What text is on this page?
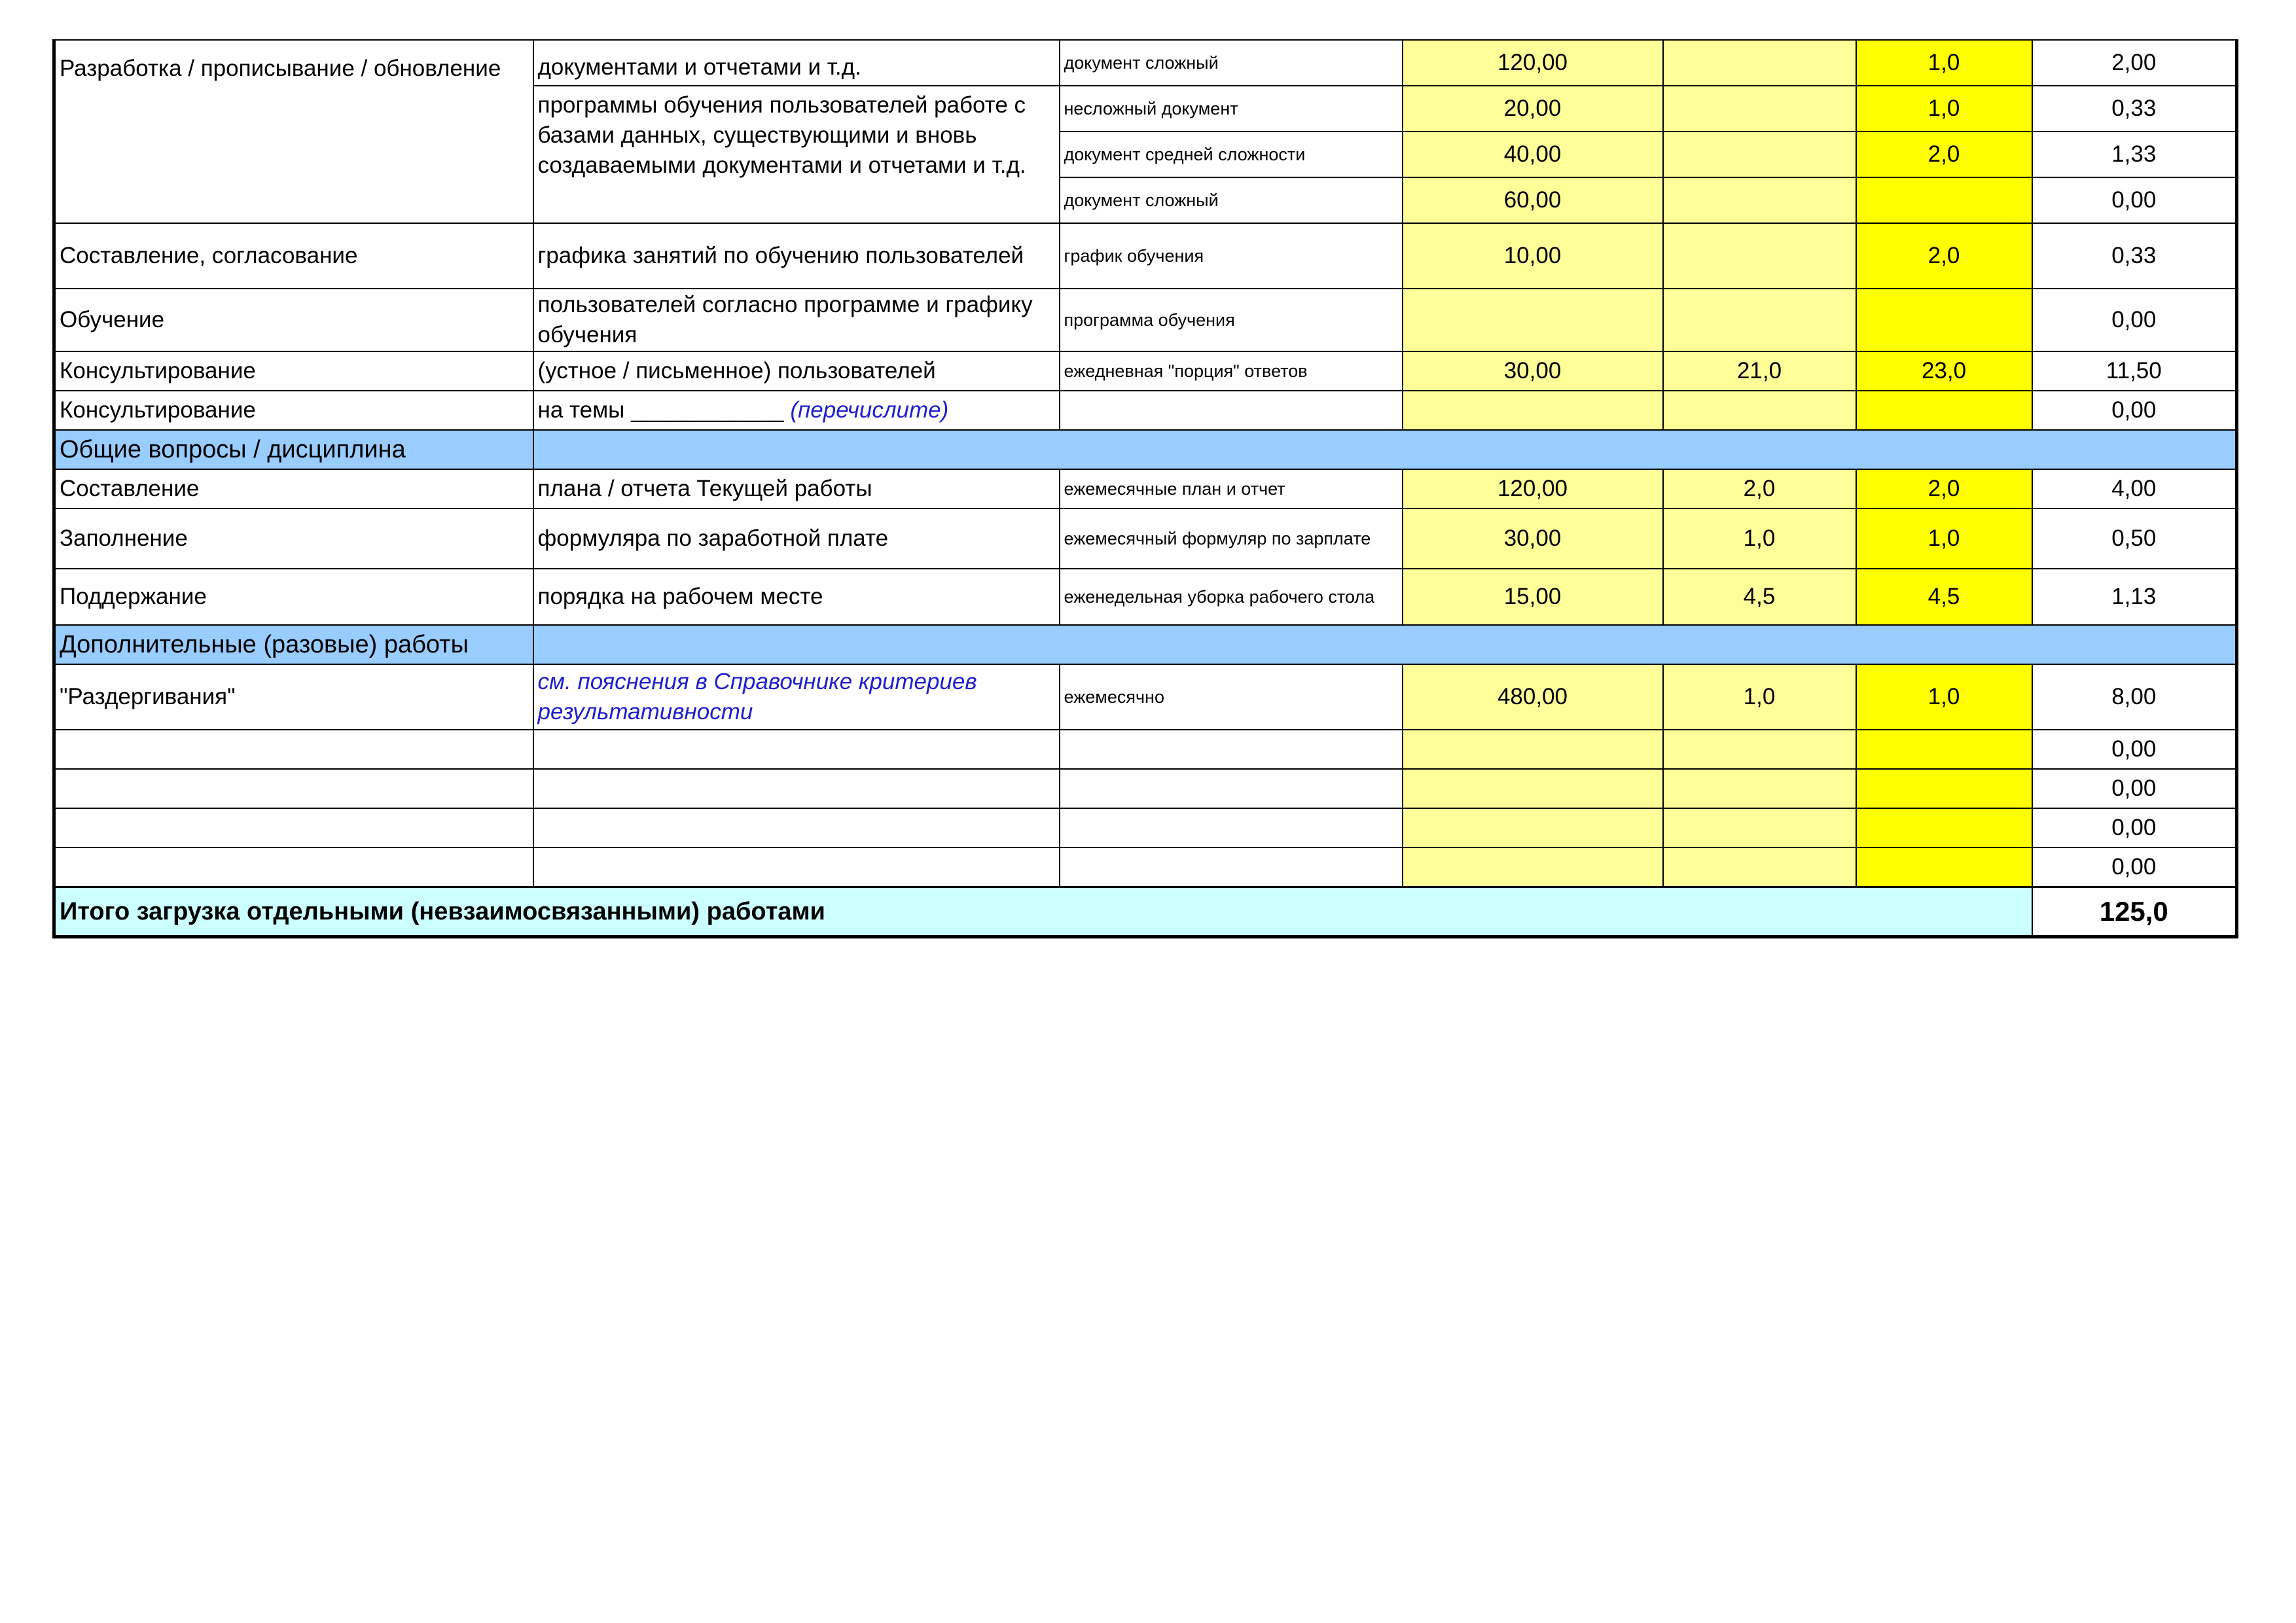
Разработка / прописывание / обновление	документами и отчетами и т.д.	документ сложный	120,00		1,0	2,00
	программы обучения пользователей работе с базами данных, существующими и вновь создаваемыми документами и отчетами и т.д.	несложный документ	20,00		1,0	0,33
		документ средней сложности	40,00		2,0	1,33
		документ сложный	60,00			0,00
Составление, согласование	графика занятий по обучению пользователей	график обучения	10,00		2,0	0,33
Обучение	пользователей согласно программе и графику обучения	программа обучения				0,00
Консультирование	(устное / письменное) пользователей	ежедневная "порция" ответов	30,00	21,0	23,0	11,50
Консультирование	на темы ____________ (перечислите)					0,00
Общие вопросы / дисциплина						
Составление	плана / отчета Текущей работы	ежемесячные план и отчет	120,00	2,0	2,0	4,00
Заполнение	формуляра по заработной плате	ежемесячный формуляр по зарплате	30,00	1,0	1,0	0,50
Поддержание	порядка на рабочем месте	еженедельная уборка рабочего стола	15,00	4,5	4,5	1,13
Дополнительные (разовые) работы						
"Раздергивания"	см. пояснения в Справочнике критериев результативности	ежемесячно	480,00	1,0	1,0	8,00
						0,00
						0,00
						0,00
						0,00
Итого загрузка отдельными (невзаимосвязанными) работами						125,0
